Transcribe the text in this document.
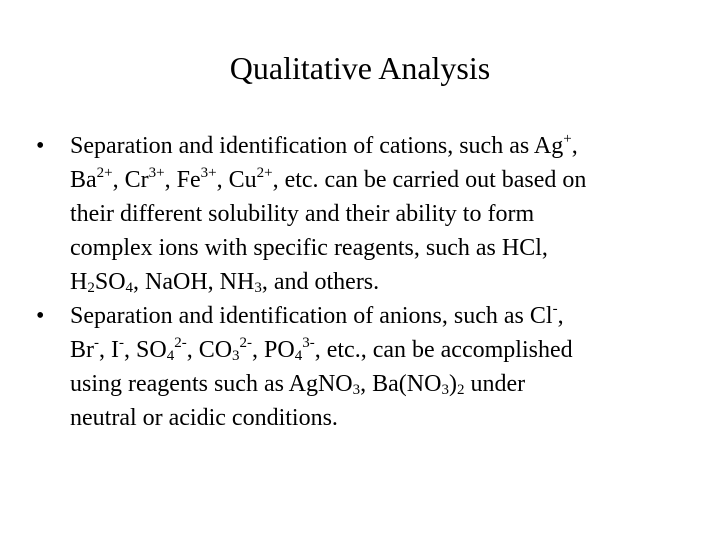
Qualitative Analysis
• Separation and identification of cations, such as Ag+,
$Ba^{2+}$, $Cr^{3+}$, $Fe^{3+}$, $Cu^{2+}$, etc. can be carried out based on
their different solubility and their ability to form
complex ions with specific reagents, such as HCl,
$H_2SO_4$, NaOH, $NH_3$, and others.
• Separation and identification of anions, such as Cl-,
Br-, I-, $SO_4^{2-}$, $CO_3^{2-}$, $PO_4^{3-}$, etc., can be accomplished
using reagents such as AgNO$_3$, $Ba(NO_3)_2$ under
neutral or acidic conditions.
